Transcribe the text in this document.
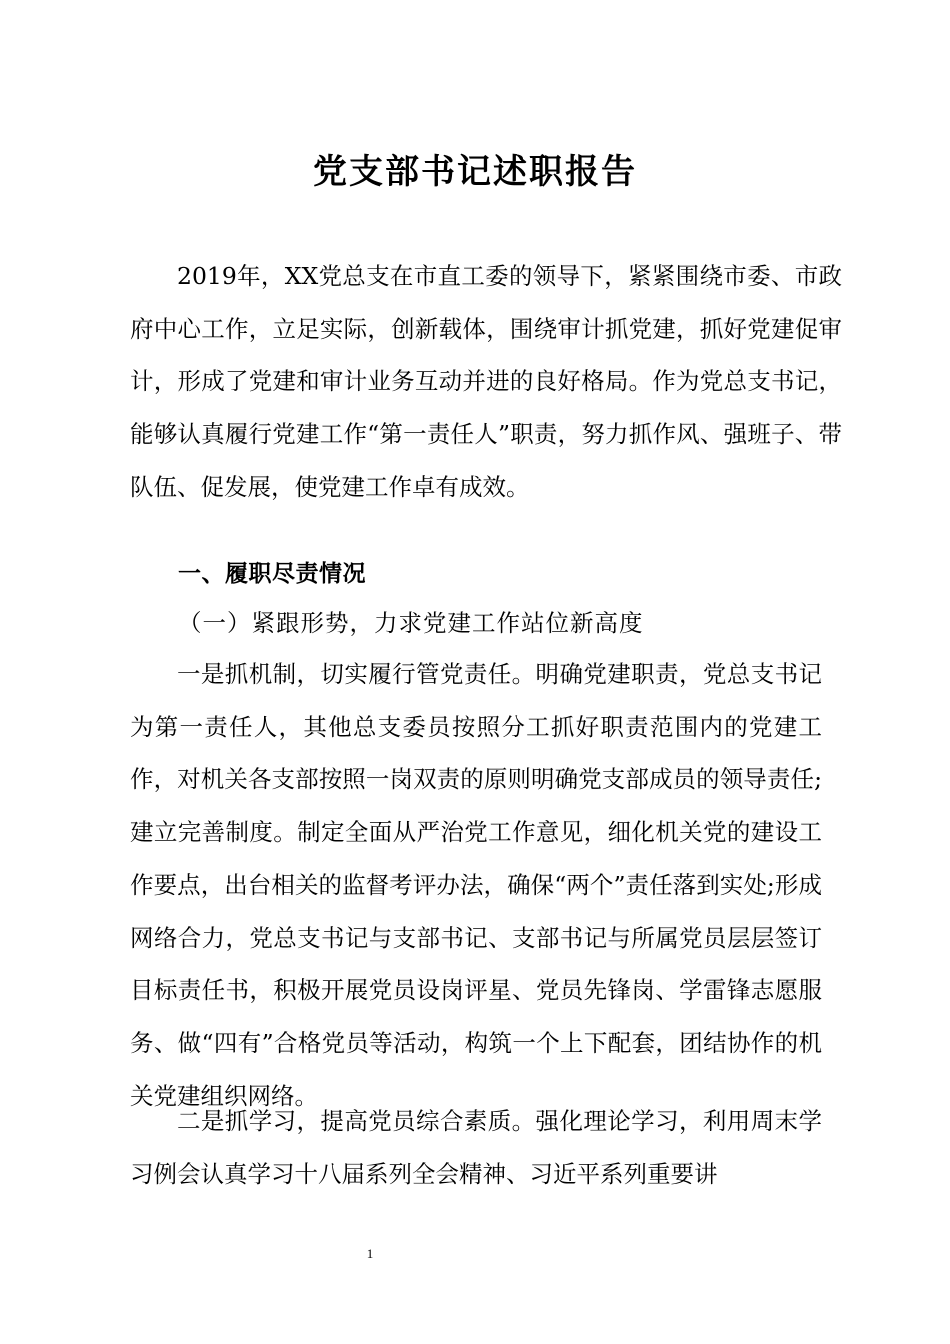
党支部书记述职报告
2019年，XX党总支在市直工委的领导下，紧紧围绕市委、市政府中心工作，立足实际，创新载体，围绕审计抓党建，抓好党建促审计，形成了党建和审计业务互动并进的良好格局。作为党总支书记，能够认真履行党建工作“第一责任人”职责，努力抓作风、强班子、带队伍、促发展，使党建工作卓有成效。
一、履职尽责情况
（一）紧跟形势，力求党建工作站位新高度
一是抓机制，切实履行管党责任。明确党建职责，党总支书记为第一责任人，其他总支委员按照分工抓好职责范围内的党建工作，对机关各支部按照一岗双责的原则明确党支部成员的领导责任;建立完善制度。制定全面从严治党工作意见，细化机关党的建设工作要点，出台相关的监督考评办法，确保“两个”责任落到实处;形成网络合力，党总支书记与支部书记、支部书记与所属党员层层签订目标责任书，积极开展党员设岗评星、党员先锋岗、学雷锋志愿服务、做“四有”合格党员等活动，构筑一个上下配套，团结协作的机关党建组织网络。
二是抓学习，提高党员综合素质。强化理论学习，利用周末学习例会认真学习十八届系列全会精神、习近平系列重要讲
1
